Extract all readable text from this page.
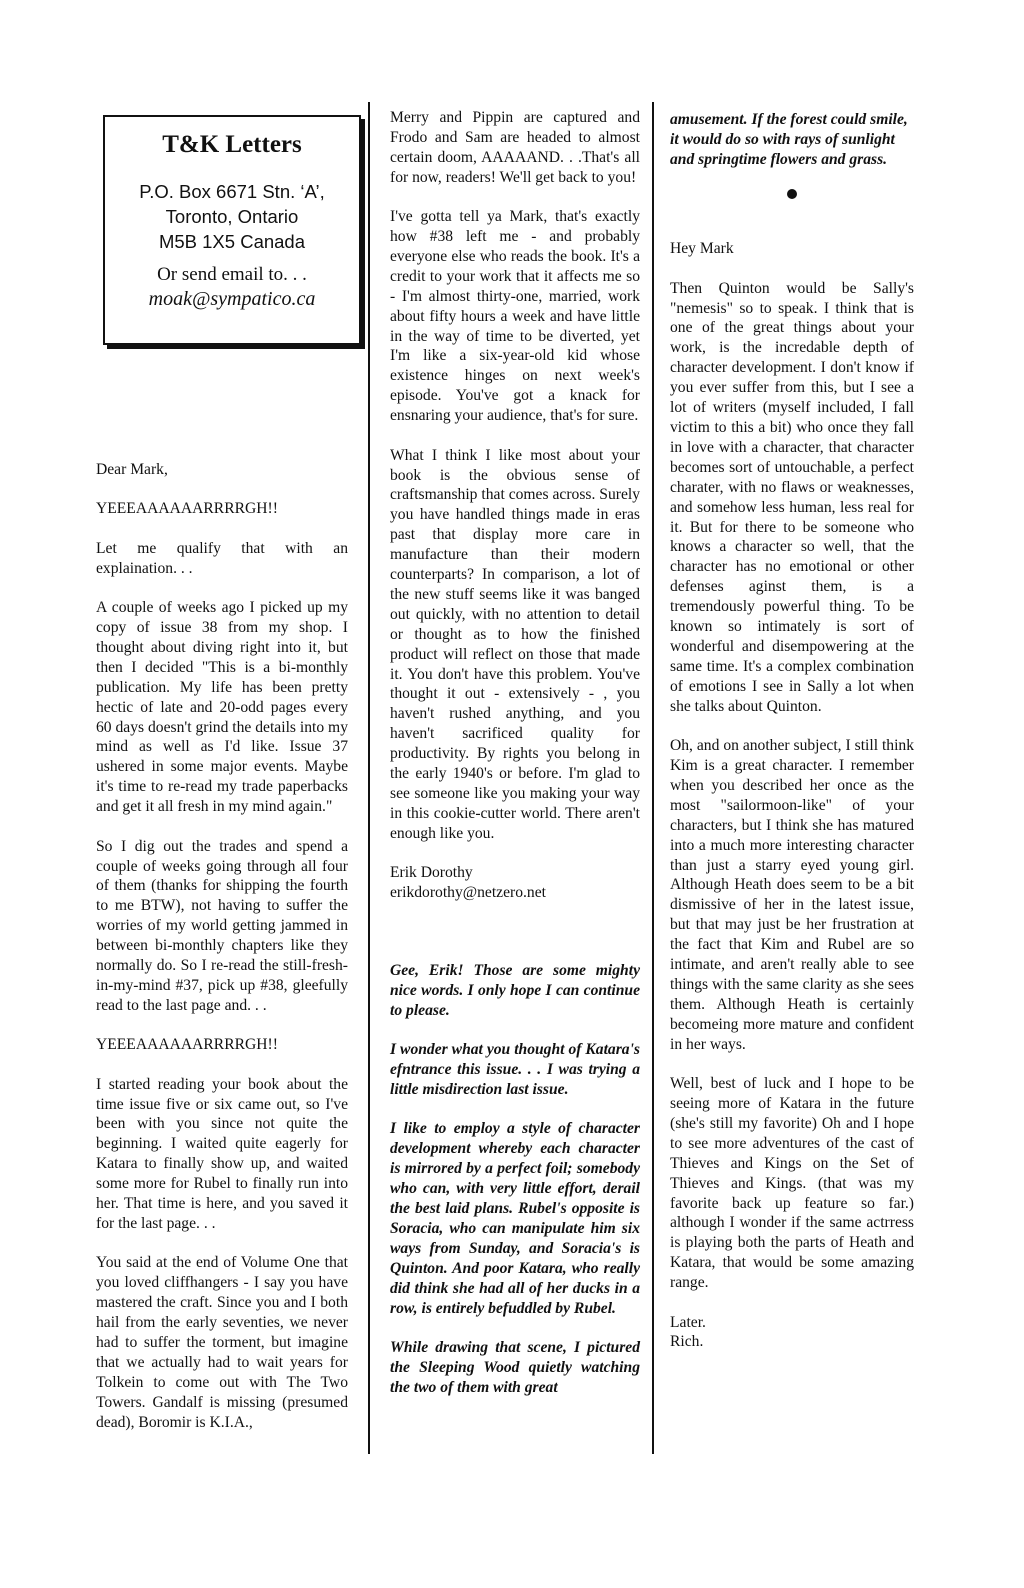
T&K Letters
P.O. Box 6671 Stn. ‘A’,
Toronto, Ontario
M5B 1X5 Canada
Or send email to. . .
moak@sympatico.ca

Dear Mark,

YEEEAAAAAARRRRGH!!

Let me qualify that with an explaination. . .

A couple of weeks ago I picked up my copy of issue 38 from my shop. I thought about diving right into it, but then I decided "This is a bi-monthly publication. My life has been pretty hectic of late and 20-odd pages every 60 days doesn't grind the details into my mind as well as I'd like. Issue 37 ushered in some major events. Maybe it's time to re-read my trade paperbacks and get it all fresh in my mind again."

So I dig out the trades and spend a couple of weeks going through all four of them (thanks for shipping the fourth to me BTW), not having to suffer the worries of my world getting jammed in between bi-monthly chapters like they normally do. So I re-read the still-fresh-in-my-mind #37, pick up #38, gleefully read to the last page and. . .

YEEEAAAAAARRRRGH!!

I started reading your book about the time issue five or six came out, so I've been with you since not quite the beginning. I waited quite eagerly for Katara to finally show up, and waited some more for Rubel to finally run into her. That time is here, and you saved it for the last page. . .

You said at the end of Volume One that you loved cliffhangers - I say you have mastered the craft. Since you and I both hail from the early seventies, we never had to suffer the torment, but imagine that we actually had to wait years for Tolkein to come out with The Two Towers. Gandalf is missing (presumed dead), Boromir is K.I.A.,

Merry and Pippin are captured and Frodo and Sam are headed to almost certain doom, AAAAAND. . .That's all for now, readers! We'll get back to you!

I've gotta tell ya Mark, that's exactly how #38 left me - and probably everyone else who reads the book. It's a credit to your work that it affects me so - I'm almost thirty-one, married, work about fifty hours a week and have little in the way of time to be diverted, yet I'm like a six-year-old kid whose existence hinges on next week's episode. You've got a knack for ensnaring your audience, that's for sure.

What I think I like most about your book is the obvious sense of craftsmanship that comes across. Surely you have handled things made in eras past that display more care in manufacture than their modern counterparts? In comparison, a lot of the new stuff seems like it was banged out quickly, with no attention to detail or thought as to how the finished product will reflect on those that made it. You don't have this problem. You've thought it out - extensively - , you haven't rushed anything, and you haven't sacrificed quality for productivity. By rights you belong in the early 1940's or before. I'm glad to see someone like you making your way in this cookie-cutter world. There aren't enough like you.

Erik Dorothy

erikdorothy@netzero.net

Gee, Erik! Those are some mighty nice words. I only hope I can continue to please.

I wonder what you thought of Katara's efntrance this issue. . . I was trying a little misdirection last issue.

I like to employ a style of character development whereby each character is mirrored by a perfect foil; somebody who can, with very little effort, derail the best laid plans. Rubel's opposite is Soracia, who can manipulate him six ways from Sunday, and Soracia's is Quinton. And poor Katara, who really did think she had all of her ducks in a row, is entirely befuddled by Rubel.

While drawing that scene, I pictured the Sleeping Wood quietly watching the two of them with great

amusement. If the forest could smile, it would do so with rays of sunlight and springtime flowers and grass.

Hey Mark

Then Quinton would be Sally's "nemesis" so to speak. I think that is one of the great things about your work, is the incredable depth of character development. I don't know if you ever suffer from this, but I see a lot of writers (myself included, I fall victim to this a bit) who once they fall in love with a character, that character becomes sort of untouchable, a perfect charater, with no flaws or weaknesses, and somehow less human, less real for it. But for there to be someone who knows a character so well, that the character has no emotional or other defenses aginst them, is a tremendously powerful thing. To be known so intimately is sort of wonderful and disempowering at the same time. It's a complex combination of emotions I see in Sally a lot when she talks about Quinton.

Oh, and on another subject, I still think Kim is a great character. I remember when you described her once as the most "sailormoon-like" of your characters, but I think she has matured into a much more interesting character than just a starry eyed young girl. Although Heath does seem to be a bit dismissive of her in the latest issue, but that may just be her frustration at the fact that Kim and Rubel are so intimate, and aren't really able to see things with the same clarity as she sees them. Although Heath is certainly becomeing more mature and confident in her ways.

Well, best of luck and I hope to be seeing more of Katara in the future (she's still my favorite) Oh and I hope to see more adventures of the cast of Thieves and Kings on the Set of Thieves and Kings. (that was my favorite back up feature so far.) although I wonder if the same actrress is playing both the parts of Heath and Katara, that would be some amazing range.

Later.

Rich.
